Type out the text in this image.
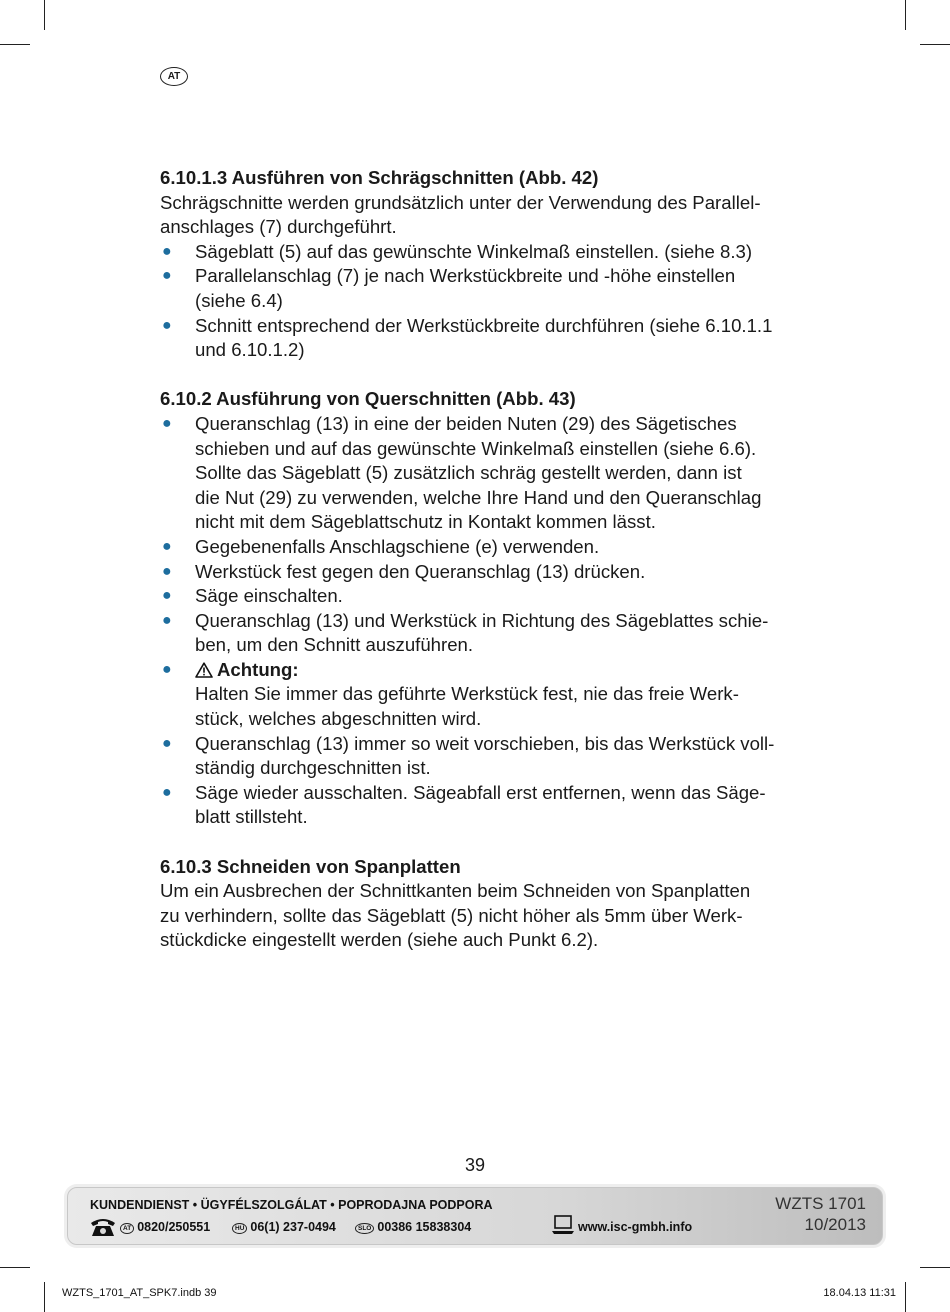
AT

6.10.1.3 Ausführen von Schrägschnitten (Abb. 42)

Schrägschnitte werden grundsätzlich unter der Verwendung des Parallel-

anschlages (7) durchgeführt.

● Sägeblatt (5) auf das gewünschte Winkelmaß einstellen. (siehe 8.3)

● Parallelanschlag (7) je nach Werkstückbreite und -höhe einstellen

(siehe 6.4)

● Schnitt entsprechend der Werkstückbreite durchführen (siehe 6.10.1.1

und 6.10.1.2)

6.10.2 Ausführung von Querschnitten (Abb. 43)

● Queranschlag (13) in eine der beiden Nuten (29) des Sägetisches

schieben und auf das gewünschte Winkelmaß einstellen (siehe 6.6).

Sollte das Sägeblatt (5) zusätzlich schräg gestellt werden, dann ist

die Nut (29) zu verwenden, welche Ihre Hand und den Queranschlag

nicht mit dem Sägeblattschutz in Kontakt kommen lässt.

● Gegebenenfalls Anschlagschiene (e) verwenden.

● Werkstück fest gegen den Queranschlag (13) drücken.

● Säge einschalten.

● Queranschlag (13) und Werkstück in Richtung des Sägeblattes schie-

ben, um den Schnitt auszuführen.

●	Achtung:

Halten Sie immer das geführte Werkstück fest, nie das freie Werk-

stück, welches abgeschnitten wird.

● Queranschlag (13) immer so weit vorschieben, bis das Werkstück voll-

ständig durchgeschnitten ist.

● Säge wieder ausschalten. Sägeabfall erst entfernen, wenn das Säge-

blatt stillsteht.

6.10.3 Schneiden von Spanplatten

Um ein Ausbrechen der Schnittkanten beim Schneiden von Spanplatten

zu verhindern, sollte das Sägeblatt (5) nicht höher als 5mm über Werk-

stückdicke eingestellt werden (siehe auch Punkt 6.2).

39
KUNDENDIENST • ÜGYFÉLSZOLGÁLAT • POPRODAJNA PODPORA
AT 0820/250551	HU 06(1) 237-0494	SLO 00386 15838304	www.isc-gmbh.info
WZTS 1701
10/2013
WZTS_1701_AT_SPK7.indb 39	18.04.13 11:31
